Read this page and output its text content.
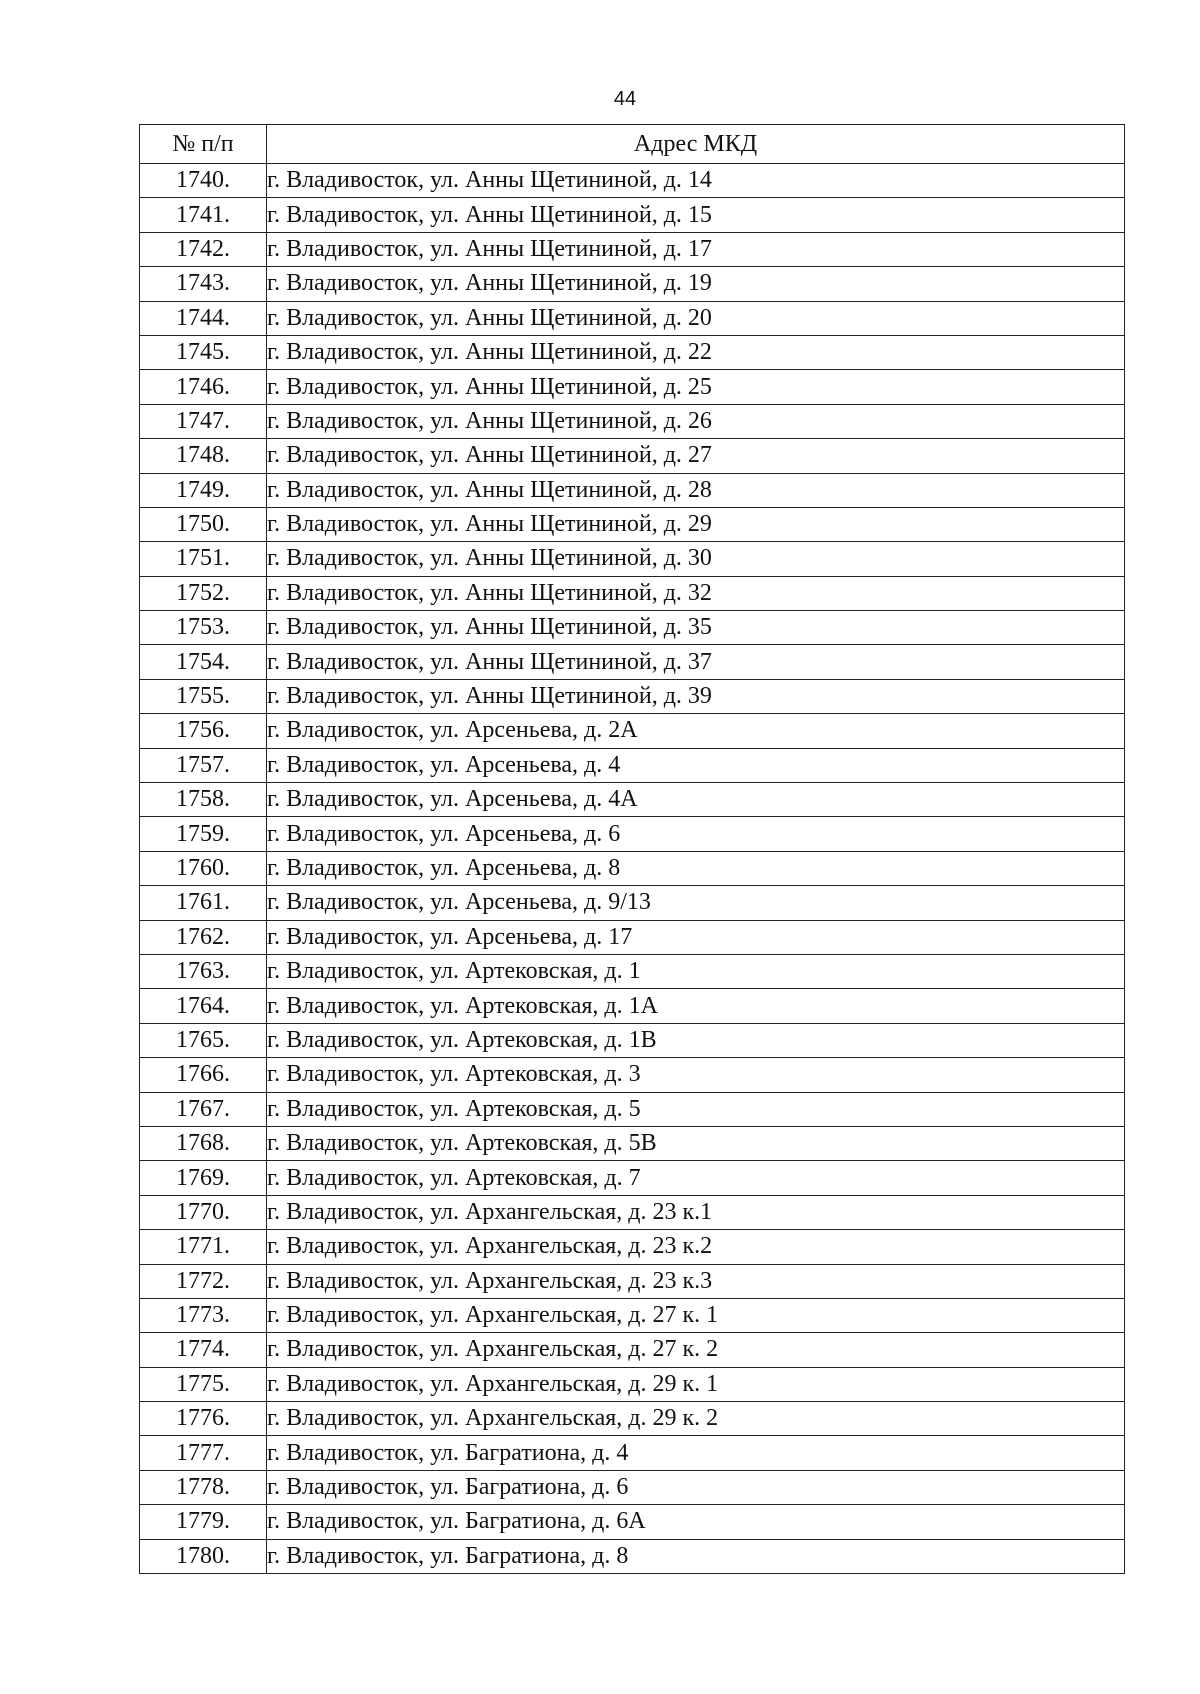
44
№ п/п	Адрес МКД
1740.	г. Владивосток, ул. Анны Щетининой, д. 14
1741.	г. Владивосток, ул. Анны Щетининой, д. 15
1742.	г. Владивосток, ул. Анны Щетининой, д. 17
1743.	г. Владивосток, ул. Анны Щетининой, д. 19
1744.	г. Владивосток, ул. Анны Щетининой, д. 20
1745.	г. Владивосток, ул. Анны Щетининой, д. 22
1746.	г. Владивосток, ул. Анны Щетининой, д. 25
1747.	г. Владивосток, ул. Анны Щетининой, д. 26
1748.	г. Владивосток, ул. Анны Щетининой, д. 27
1749.	г. Владивосток, ул. Анны Щетининой, д. 28
1750.	г. Владивосток, ул. Анны Щетининой, д. 29
1751.	г. Владивосток, ул. Анны Щетининой, д. 30
1752.	г. Владивосток, ул. Анны Щетининой, д. 32
1753.	г. Владивосток, ул. Анны Щетининой, д. 35
1754.	г. Владивосток, ул. Анны Щетининой, д. 37
1755.	г. Владивосток, ул. Анны Щетининой, д. 39
1756.	г. Владивосток, ул. Арсеньева, д. 2А
1757.	г. Владивосток, ул. Арсеньева, д. 4
1758.	г. Владивосток, ул. Арсеньева, д. 4А
1759.	г. Владивосток, ул. Арсеньева, д. 6
1760.	г. Владивосток, ул. Арсеньева, д. 8
1761.	г. Владивосток, ул. Арсеньева, д. 9/13
1762.	г. Владивосток, ул. Арсеньева, д. 17
1763.	г. Владивосток, ул. Артековская, д. 1
1764.	г. Владивосток, ул. Артековская, д. 1А
1765.	г. Владивосток, ул. Артековская, д. 1В
1766.	г. Владивосток, ул. Артековская, д. 3
1767.	г. Владивосток, ул. Артековская, д. 5
1768.	г. Владивосток, ул. Артековская, д. 5В
1769.	г. Владивосток, ул. Артековская, д. 7
1770.	г. Владивосток, ул. Архангельская, д. 23 к.1
1771.	г. Владивосток, ул. Архангельская, д. 23 к.2
1772.	г. Владивосток, ул. Архангельская, д. 23 к.3
1773.	г. Владивосток, ул. Архангельская, д. 27 к. 1
1774.	г. Владивосток, ул. Архангельская, д. 27 к. 2
1775.	г. Владивосток, ул. Архангельская, д. 29 к. 1
1776.	г. Владивосток, ул. Архангельская, д. 29 к. 2
1777.	г. Владивосток, ул. Багратиона, д. 4
1778.	г. Владивосток, ул. Багратиона, д. 6
1779.	г. Владивосток, ул. Багратиона, д. 6А
1780.	г. Владивосток, ул. Багратиона, д. 8
